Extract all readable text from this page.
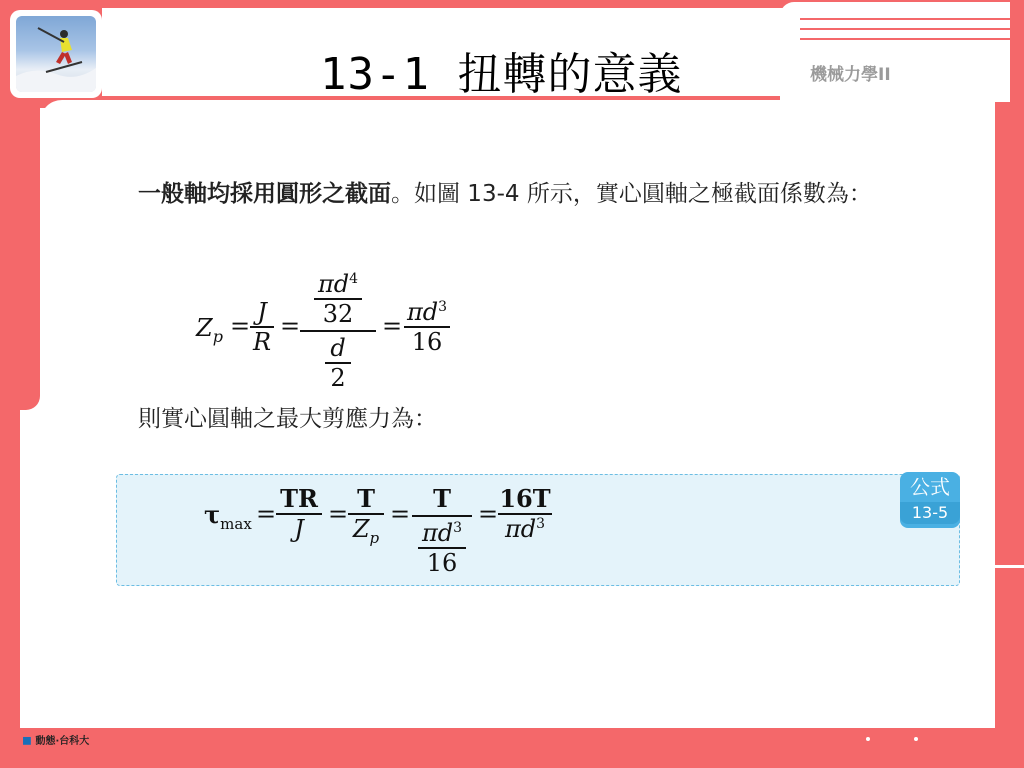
13-1 扭轉的意義	機械力學II
一般軸均採用圓形之截面。如圖 13-4 所示，實心圓軸之極截面係數為：
$Z_p = J$
R
=
$\pi d^4$
32
d
2
= $\pi d^3$
16
則實心圓軸之最大剪應力為：
公式
13-5
$\tau_{max}$ =
TR
J
=
T
$Z_p$
=
T
$\pi d^3$
16
=
16T
$\pi d^3$
◼ 動態·台科大
